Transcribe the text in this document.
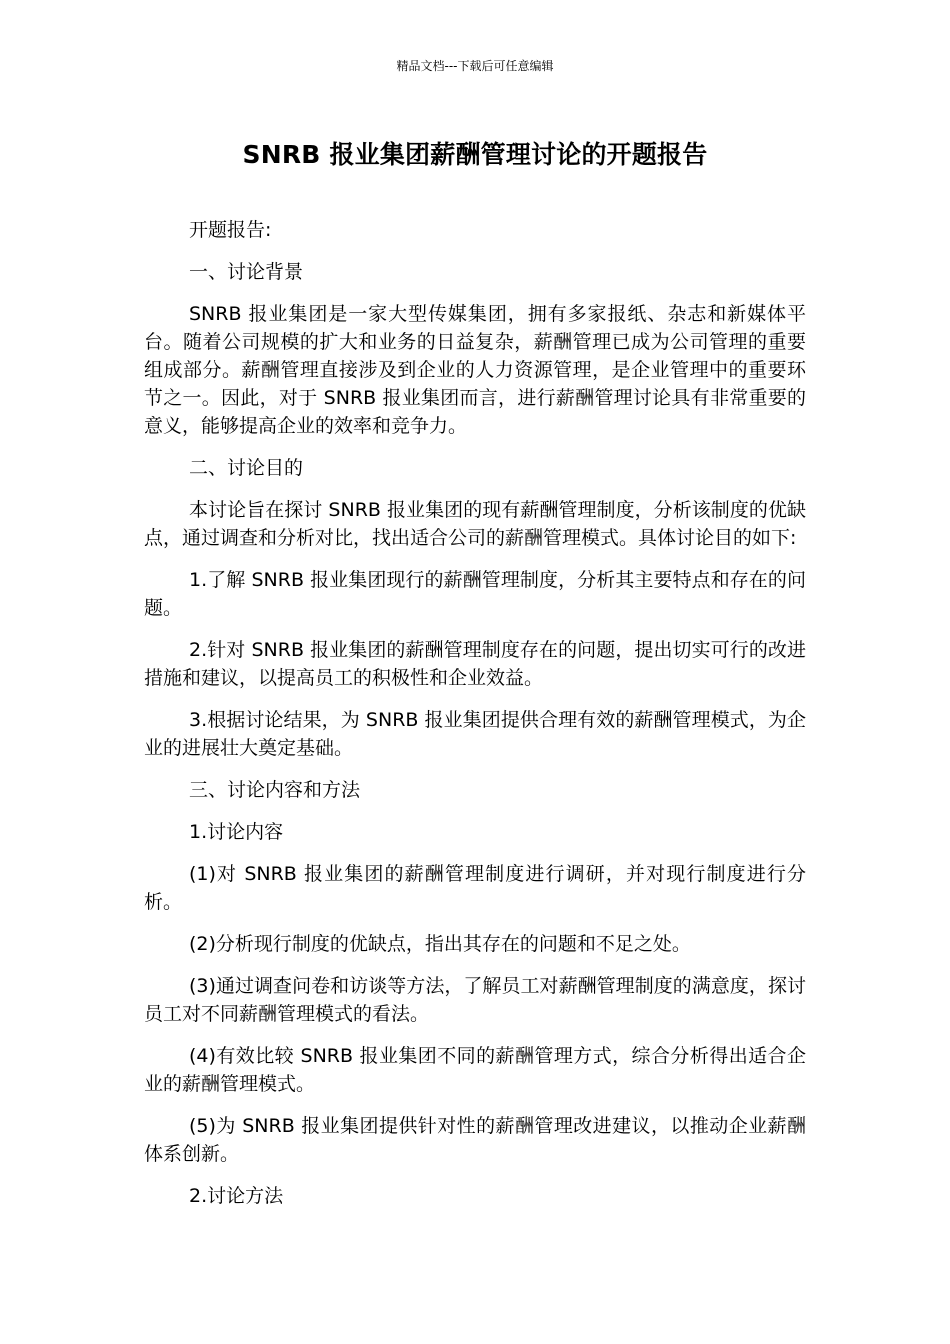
精品文档---下载后可任意编辑
SNRB 报业集团薪酬管理讨论的开题报告

开题报告:

一、讨论背景

SNRB 报业集团是一家大型传媒集团，拥有多家报纸、杂志和新媒体平台。随着公司规模的扩大和业务的日益复杂，薪酬管理已成为公司管理的重要组成部分。薪酬管理直接涉及到企业的人力资源管理，是企业管理中的重要环节之一。因此，对于 SNRB 报业集团而言，进行薪酬管理讨论具有非常重要的意义，能够提高企业的效率和竞争力。

二、讨论目的

本讨论旨在探讨 SNRB 报业集团的现有薪酬管理制度，分析该制度的优缺点，通过调查和分析对比，找出适合公司的薪酬管理模式。具体讨论目的如下:

1.了解 SNRB 报业集团现行的薪酬管理制度，分析其主要特点和存在的问题。

2.针对 SNRB 报业集团的薪酬管理制度存在的问题，提出切实可行的改进措施和建议，以提高员工的积极性和企业效益。

3.根据讨论结果，为 SNRB 报业集团提供合理有效的薪酬管理模式，为企业的进展壮大奠定基础。

三、讨论内容和方法

1.讨论内容

(1)对 SNRB 报业集团的薪酬管理制度进行调研，并对现行制度进行分析。

(2)分析现行制度的优缺点，指出其存在的问题和不足之处。

(3)通过调查问卷和访谈等方法，了解员工对薪酬管理制度的满意度，探讨员工对不同薪酬管理模式的看法。

(4)有效比较 SNRB 报业集团不同的薪酬管理方式，综合分析得出适合企业的薪酬管理模式。

(5)为 SNRB 报业集团提供针对性的薪酬管理改进建议，以推动企业薪酬体系创新。

2.讨论方法
